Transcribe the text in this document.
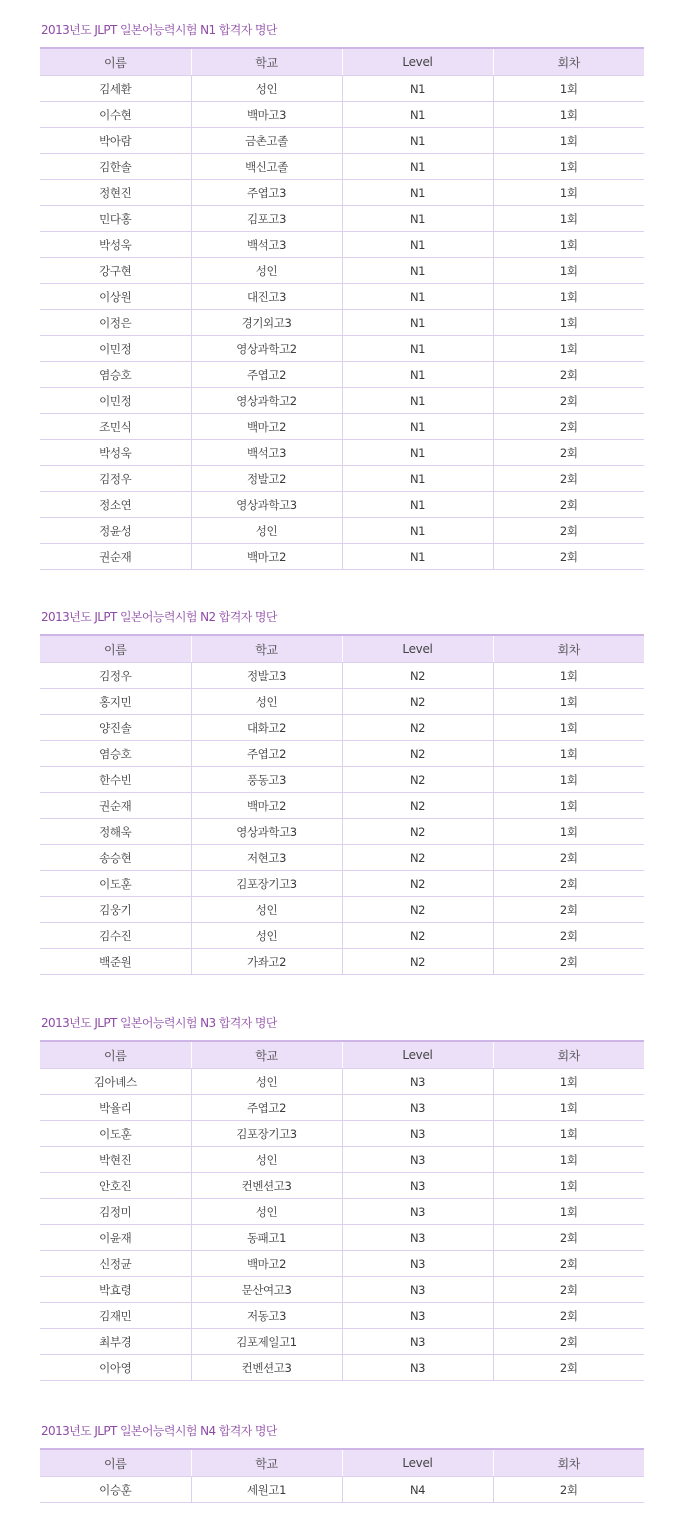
2013년도 JLPT 일본어능력시험 N1 합격자 명단
이름	학교	Level	회차
김세환	성인	N1	1회
이수현	백마고3	N1	1회
박아람	금촌고졸	N1	1회
김한솔	백신고졸	N1	1회
정현진	주엽고3	N1	1회
민다홍	김포고3	N1	1회
박성욱	백석고3	N1	1회
강구현	성인	N1	1회
이상원	대진고3	N1	1회
이정은	경기외고3	N1	1회
이민정	영상과학고2	N1	1회
염승호	주엽고2	N1	2회
이민정	영상과학고2	N1	2회
조민식	백마고2	N1	2회
박성욱	백석고3	N1	2회
김정우	정발고2	N1	2회
정소연	영상과학고3	N1	2회
정윤성	성인	N1	2회
권순재	백마고2	N1	2회
2013년도 JLPT 일본어능력시험 N2 합격자 명단
이름	학교	Level	회차
김정우	정발고3	N2	1회
홍지민	성인	N2	1회
양진솔	대화고2	N2	1회
염승호	주엽고2	N2	1회
한수빈	풍동고3	N2	1회
권순재	백마고2	N2	1회
정해욱	영상과학고3	N2	1회
송승현	저현고3	N2	2회
이도훈	김포장기고3	N2	2회
김웅기	성인	N2	2회
김수진	성인	N2	2회
백준원	가좌고2	N2	2회
2013년도 JLPT 일본어능력시험 N3 합격자 명단
이름	학교	Level	회차
김아녜스	성인	N3	1회
박율리	주엽고2	N3	1회
이도훈	김포장기고3	N3	1회
박현진	성인	N3	1회
안호진	컨벤션고3	N3	1회
김정미	성인	N3	1회
이윤재	동패고1	N3	2회
신정균	백마고2	N3	2회
박효령	문산여고3	N3	2회
김재민	저동고3	N3	2회
최부경	김포제일고1	N3	2회
이아영	컨벤션고3	N3	2회
2013년도 JLPT 일본어능력시험 N4 합격자 명단
이름	학교	Level	회차
이승훈	세원고1	N4	2회
